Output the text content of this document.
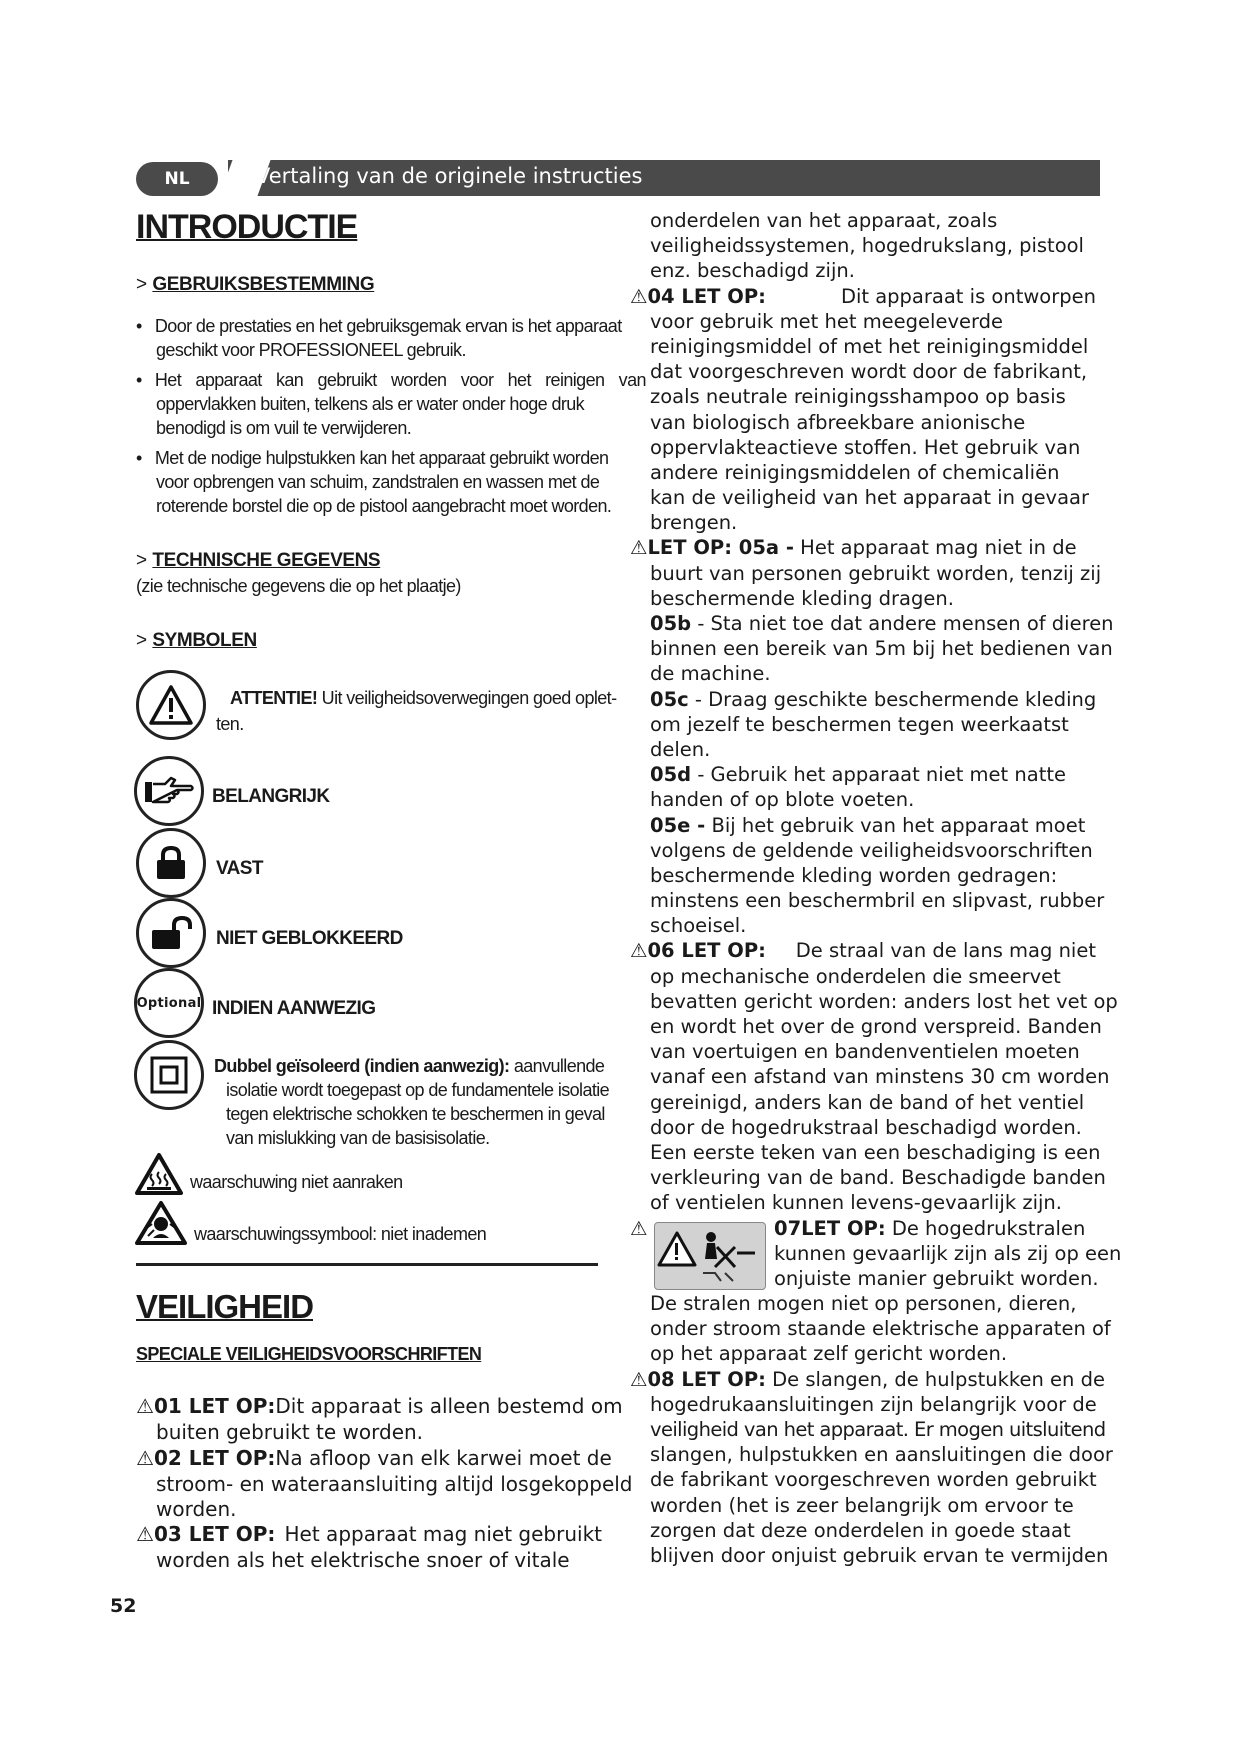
NL	Vertaling van de originele instructies
INTRODUCTIE
> GEBRUIKSBESTEMMING
•   Door de prestaties en het gebruiksgemak ervan is het apparaat
geschikt voor PROFESSIONEEL gebruik.
•   Het apparaat kan gebruikt worden voor het reinigen van
oppervlakken buiten, telkens als er water onder hoge druk
benodigd is om vuil te verwijderen.
•   Met de nodige hulpstukken kan het apparaat gebruikt worden
voor opbrengen van schuim, zandstralen en wassen met de
roterende borstel die op de pistool aangebracht moet worden.
> TECHNISCHE GEGEVENS
(zie technische gegevens die op het plaatje)
> SYMBOLEN
ATTENTIE! Uit veiligheidsoverwegingen goed oplet-
ten.
BELANGRIJK
VAST
NIET GEBLOKKEERD
Optional INDIEN AANWEZIG
Dubbel geïsoleerd (indien aanwezig): aanvullende
isolatie wordt toegepast op de fundamentele isolatie
tegen elektrische schokken te beschermen in geval
van mislukking van de basisisolatie.
waarschuwing niet aanraken
waarschuwingssymbool: niet inademen
VEILIGHEID
SPECIALE VEILIGHEIDSVOORSCHRIFTEN
⚠01 LET OP: Dit apparaat is alleen bestemd om
buiten gebruikt te worden.
⚠02 LET OP: Na afloop van elk karwei moet de
stroom- en wateraansluiting altijd losgekoppeld
worden.
⚠03 LET OP: Het apparaat mag niet gebruikt
worden als het elektrische snoer of vitale
52
onderdelen van het apparaat, zoals
veiligheidssystemen, hogedrukslang, pistool
enz. beschadigd zijn.
⚠04 LET OP:	Dit apparaat is ontworpen
voor gebruik met het meegeleverde
reinigingsmiddel of met het reinigingsmiddel
dat voorgeschreven wordt door de fabrikant,
zoals neutrale reinigingsshampoo op basis
van biologisch afbreekbare anionische
oppervlakteactieve stoffen. Het gebruik van
andere reinigingsmiddelen of chemicaliën
kan de veiligheid van het apparaat in gevaar
brengen.
⚠LET OP: 05a - Het apparaat mag niet in de
buurt van personen gebruikt worden, tenzij zij
beschermende kleding dragen.
05b - Sta niet toe dat andere mensen of dieren
binnen een bereik van 5m bij het bedienen van
de machine.
05c - Draag geschikte beschermende kleding
om jezelf te beschermen tegen weerkaatst
delen.
05d - Gebruik het apparaat niet met natte
handen of op blote voeten.
05e - Bij het gebruik van het apparaat moet
volgens de geldende veiligheidsvoorschriften
beschermende kleding worden gedragen:
minstens een beschermbril en slipvast, rubber
schoeisel.
⚠06 LET OP: De straal van de lans mag niet
op mechanische onderdelen die smeervet
bevatten gericht worden: anders lost het vet op
en wordt het over de grond verspreid. Banden
van voertuigen en bandenventielen moeten
vanaf een afstand van minstens 30 cm worden
gereinigd, anders kan de band of het ventiel
door de hogedrukstraal beschadigd worden.
Een eerste teken van een beschadiging is een
verkleuring van de band. Beschadigde banden
of ventielen kunnen levens-gevaarlijk zijn.
⚠	07LET OP: De hogedrukstralen
kunnen gevaarlijk zijn als zij op een
onjuiste manier gebruikt worden.
De stralen mogen niet op personen, dieren,
onder stroom staande elektrische apparaten of
op het apparaat zelf gericht worden.
⚠08 LET OP: De slangen, de hulpstukken en de
hogedrukaansluitingen zijn belangrijk voor de
veiligheid van het apparaat. Er mogen uitsluitend
slangen, hulpstukken en aansluitingen die door
de fabrikant voorgeschreven worden gebruikt
worden (het is zeer belangrijk om ervoor te
zorgen dat deze onderdelen in goede staat
blijven door onjuist gebruik ervan te vermijden
